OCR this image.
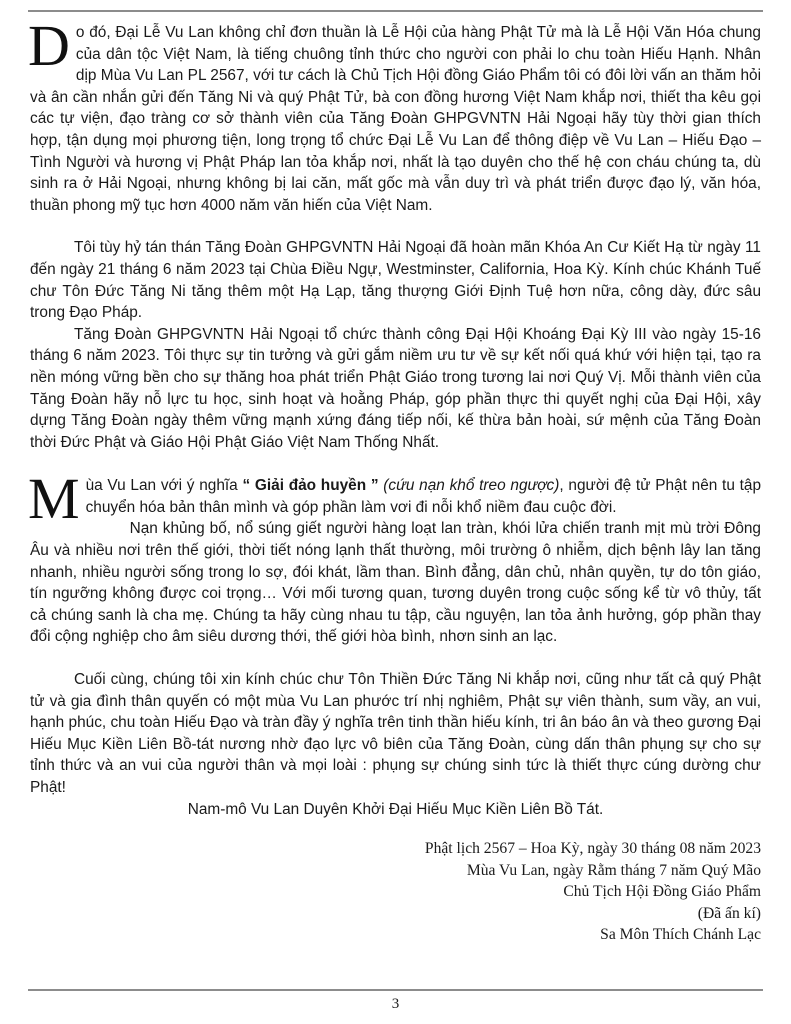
Do đó, Đại Lễ Vu Lan không chỉ đơn thuần là Lễ Hội của hàng Phật Tử mà là Lễ Hội Văn Hóa chung của dân tộc Việt Nam, là tiếng chuông tỉnh thức cho người con phải lo chu toàn Hiếu Hạnh. Nhân dịp Mùa Vu Lan PL 2567, với tư cách là Chủ Tịch Hội đồng Giáo Phẩm tôi có đôi lời vấn an thăm hỏi và ân cần nhắn gửi đến Tăng Ni và quý Phật Tử, bà con đồng hương Việt Nam khắp nơi, thiết tha kêu gọi các tự viện, đạo tràng cơ sở thành viên của Tăng Đoàn GHPGVNTN Hải Ngoại hãy tùy thời gian thích hợp, tận dụng mọi phương tiện, long trọng tổ chức Đại Lễ Vu Lan để thông điệp về Vu Lan – Hiếu Đạo – Tình Người và hương vị Phật Pháp lan tỏa khắp nơi, nhất là tạo duyên cho thế hệ con cháu chúng ta, dù sinh ra ở Hải Ngoại, nhưng không bị lai căn, mất gốc mà vẫn duy trì và phát triển được đạo lý, văn hóa, thuần phong mỹ tục hơn 4000 năm văn hiến của Việt Nam.

Tôi tùy hỷ tán thán Tăng Đoàn GHPGVNTN Hải Ngoại đã hoàn mãn Khóa An Cư Kiết Hạ từ ngày 11 đến ngày 21 tháng 6 năm 2023 tại Chùa Điều Ngự, Westminster, California, Hoa Kỳ. Kính chúc Khánh Tuế chư Tôn Đức Tăng Ni tăng thêm một Hạ Lạp, tăng thượng Giới Định Tuệ hơn nữa, công dày, đức sâu trong Đạo Pháp.

Tăng Đoàn GHPGVNTN Hải Ngoại tổ chức thành công Đại Hội Khoáng Đại Kỳ III vào ngày 15-16 tháng 6 năm 2023. Tôi thực sự tin tưởng và gửi gắm niềm ưu tư về sự kết nối quá khứ với hiện tại, tạo ra nền móng vững bền cho sự thăng hoa phát triển Phật Giáo trong tương lai nơi Quý Vị. Mỗi thành viên của Tăng Đoàn hãy nỗ lực tu học, sinh hoạt và hoằng Pháp, góp phần thực thi quyết nghị của Đại Hội, xây dựng Tăng Đoàn ngày thêm vững mạnh xứng đáng tiếp nối, kế thừa bản hoài, sứ mệnh của Tăng Đoàn thời Đức Phật và Giáo Hội Phật Giáo Việt Nam Thống Nhất.

Mùa Vu Lan với ý nghĩa “ Giải đảo huyền ” (cứu nạn khổ treo ngược), người đệ tử Phật nên tu tập chuyển hóa bản thân mình và góp phần làm vơi đi nỗi khổ niềm đau cuộc đời.

Nạn khủng bố, nổ súng giết người hàng loạt lan tràn, khói lửa chiến tranh mịt mù trời Đông Âu và nhiều nơi trên thế giới, thời tiết nóng lạnh thất thường, môi trường ô nhiễm, dịch bệnh lây lan tăng nhanh, nhiều người sống trong lo sợ, đói khát, lầm than. Bình đẳng, dân chủ, nhân quyền, tự do tôn giáo, tín ngưỡng không được coi trọng… Với mối tương quan, tương duyên trong cuộc sống kể từ vô thủy, tất cả chúng sanh là cha mẹ. Chúng ta hãy cùng nhau tu tập, cầu nguyện, lan tỏa ảnh hưởng, góp phần thay đổi cộng nghiệp cho âm siêu dương thới, thế giới hòa bình, nhơn sinh an lạc.

Cuối cùng, chúng tôi xin kính chúc chư Tôn Thiền Đức Tăng Ni khắp nơi, cũng như tất cả quý Phật tử và gia đình thân quyến có một mùa Vu Lan phước trí nhị nghiêm, Phật sự viên thành, sum vầy, an vui, hạnh phúc, chu toàn Hiếu Đạo và tràn đầy ý nghĩa trên tinh thần hiếu kính, tri ân báo ân và theo gương Đại Hiếu Mục Kiền Liên Bồ-tát nương nhờ đạo lực vô biên của Tăng Đoàn, cùng dấn thân phụng sự cho sự tỉnh thức và an vui của người thân và mọi loài : phụng sự chúng sinh tức là thiết thực cúng dường chư Phật!

Nam-mô Vu Lan Duyên Khởi Đại Hiếu Mục Kiền Liên Bồ Tát.

Phật lịch 2567 – Hoa Kỳ, ngày 30 tháng 08 năm 2023
Mùa Vu Lan, ngày Rằm tháng 7 năm Quý Mão
Chủ Tịch Hội Đồng Giáo Phẩm
(Đã ấn kí)
Sa Môn Thích Chánh Lạc
3
